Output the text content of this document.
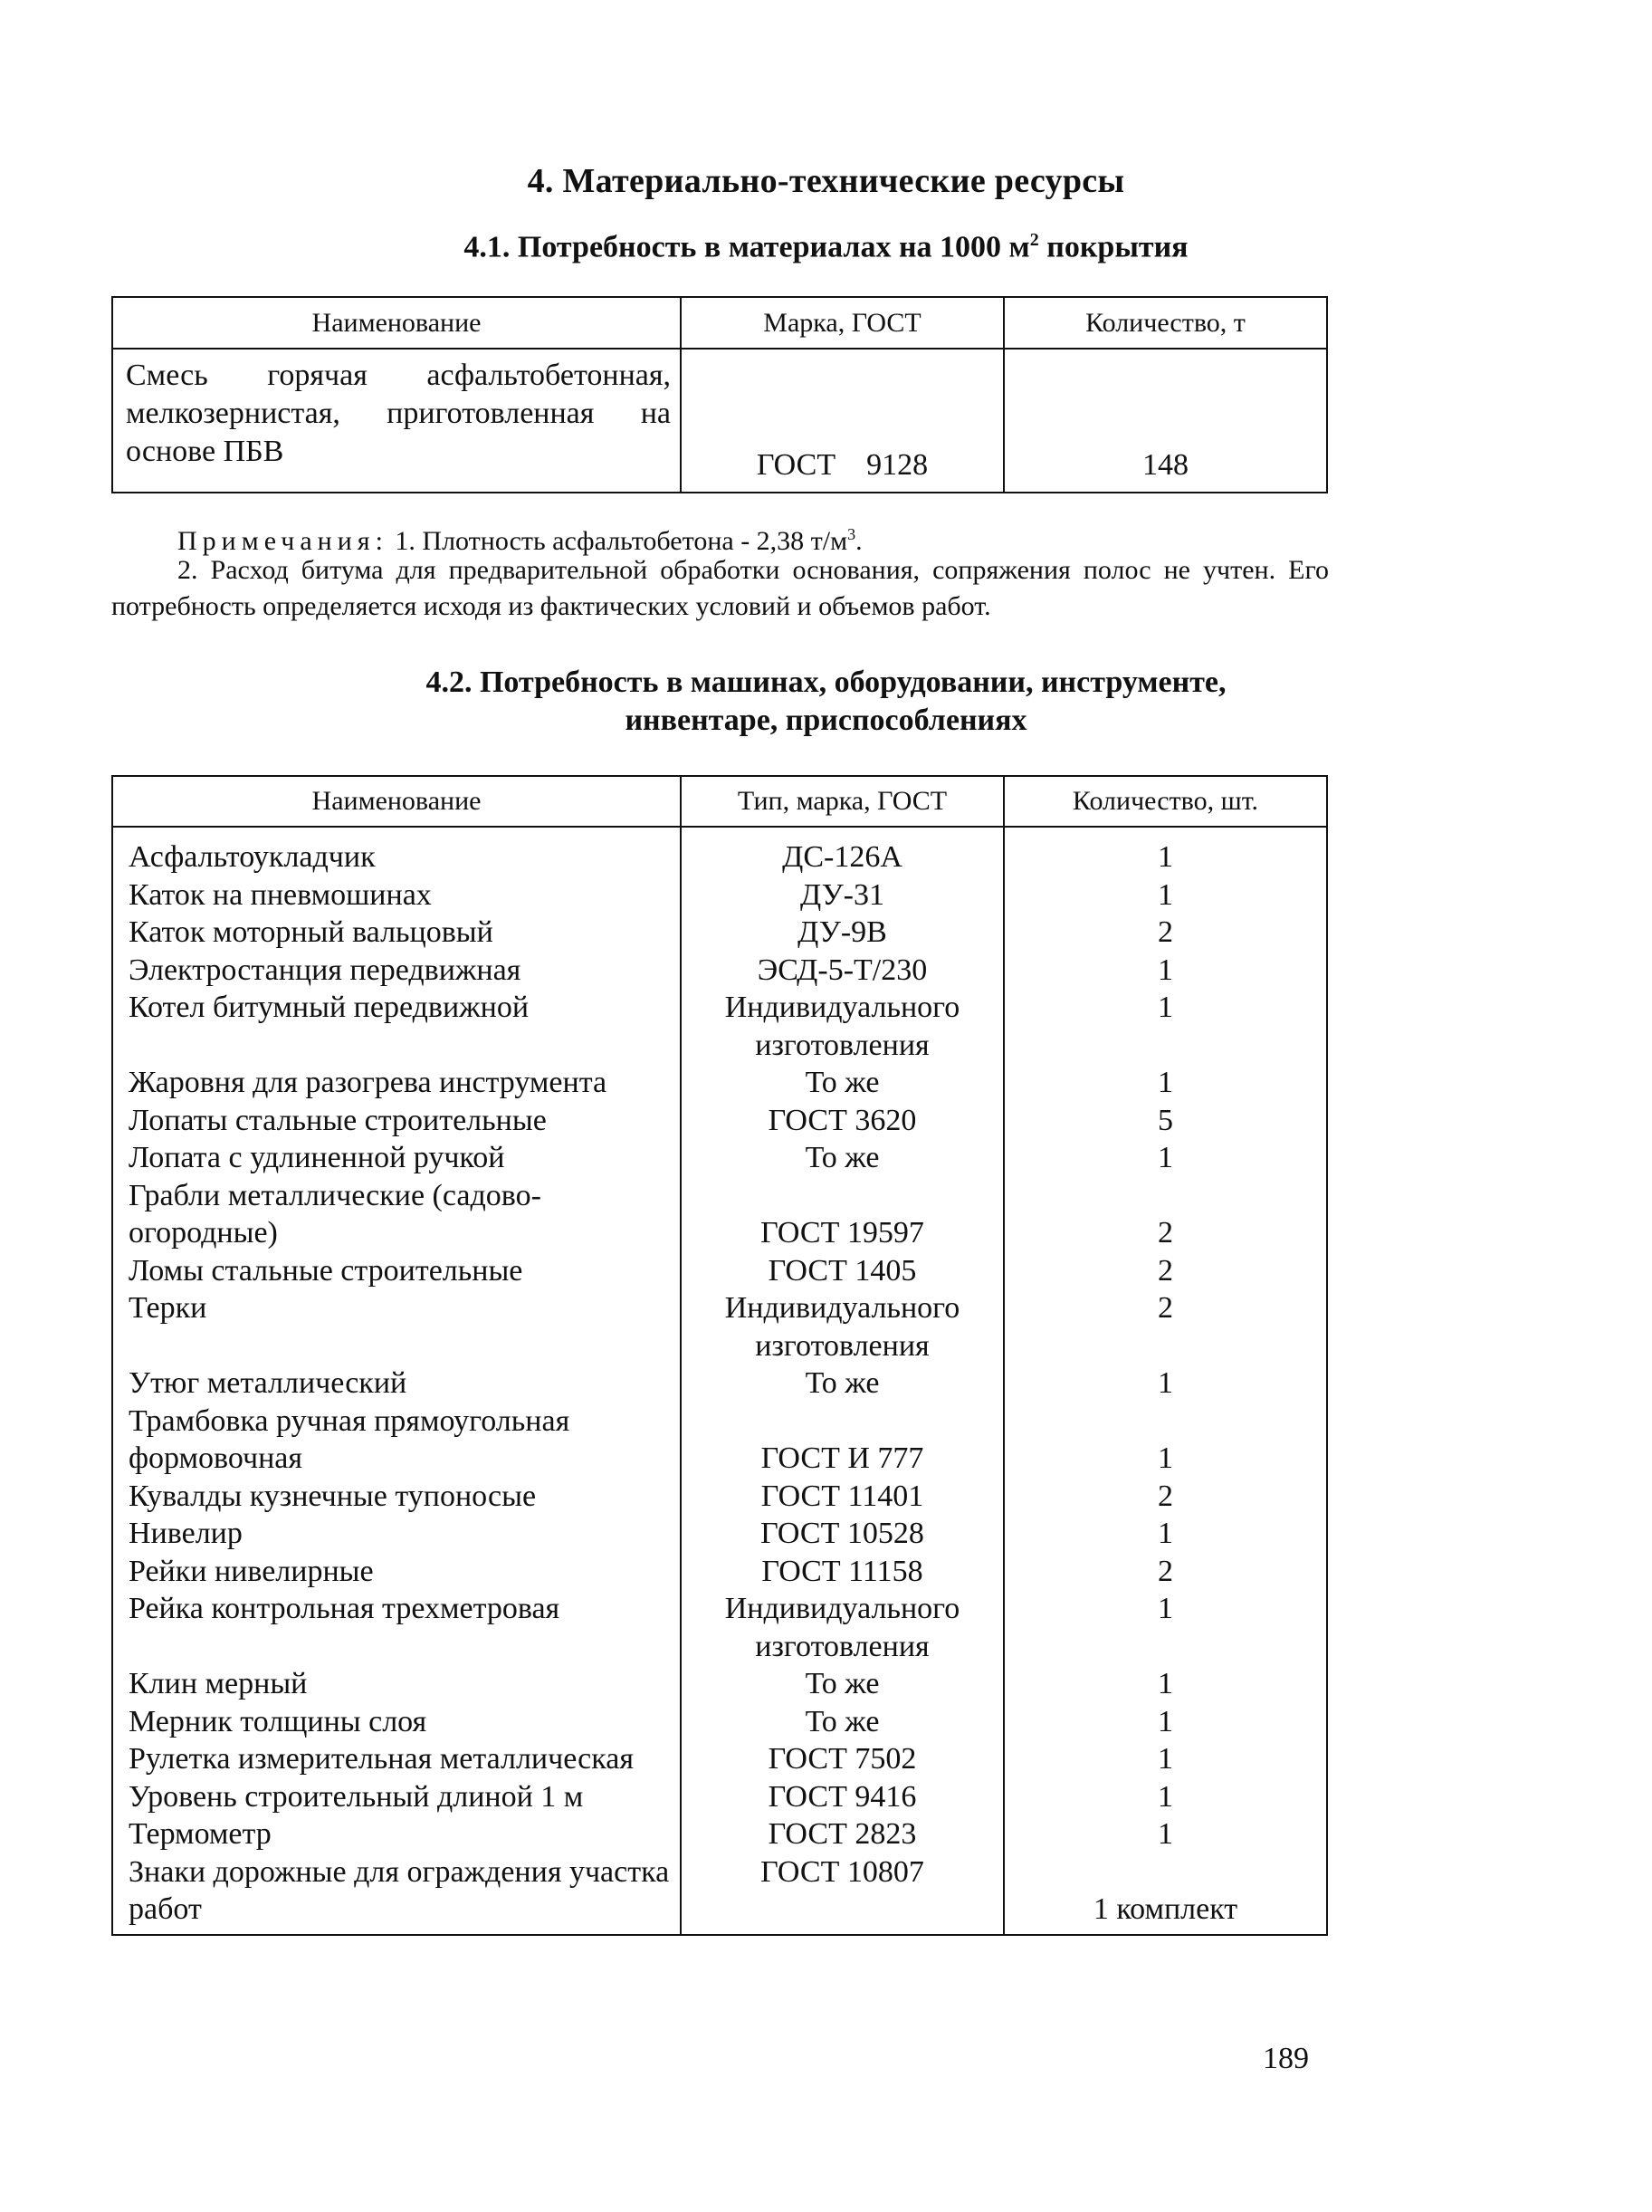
4. Материально-технические ресурсы
4.1. Потребность в материалах на 1000 $м^2$ покрытия
Наименование	Марка, ГОСТ	Количество, т
Смесь горячая асфальтобетонная, мелкозернистая, приготовленная на основе ПБВ	ГОСТ    9128	148
Примечания: 1. Плотность асфальтобетона - 2,38 $т/м^3$.
2. Расход битума для предварительной обработки основания, сопряжения полос не учтен. Его потребность определяется исходя из фактических условий и объемов работ.
4.2. Потребность в машинах, оборудовании, инструменте,
инвентаре, приспособлениях
Наименование	Тип, марка, ГОСТ	Количество, шт.
Асфальтоукладчик	ДС-126А	1
Каток на пневмошинах	ДУ-31	1
Каток моторный вальцовый	ДУ-9В	2
Электростанция передвижная	ЭСД-5-Т/230	1
Котел битумный передвижной	Индивидуального изготовления	1
Жаровня для разогрева инструмента	То же	1
Лопаты стальные строительные	ГОСТ 3620	5
Лопата с удлиненной ручкой	То же	1
Грабли металлические (садово-огородные)	ГОСТ 19597	2
Ломы стальные строительные	ГОСТ 1405	2
Терки	Индивидуального изготовления	2
Утюг металлический	То же	1
Трамбовка ручная прямоугольная формовочная	ГОСТ И 777	1
Кувалды кузнечные тупоносые	ГОСТ 11401	2
Нивелир	ГОСТ 10528	1
Рейки нивелирные	ГОСТ 11158	2
Рейка контрольная трехметровая	Индивидуального изготовления	1
Клин мерный	То же	1
Мерник толщины слоя	То же	1
Рулетка измерительная металлическая	ГОСТ 7502	1
Уровень строительный длиной 1 м	ГОСТ 9416	1
Термометр	ГОСТ 2823	1
Знаки дорожные для ограждения участка работ	ГОСТ 10807	1 комплект
189
